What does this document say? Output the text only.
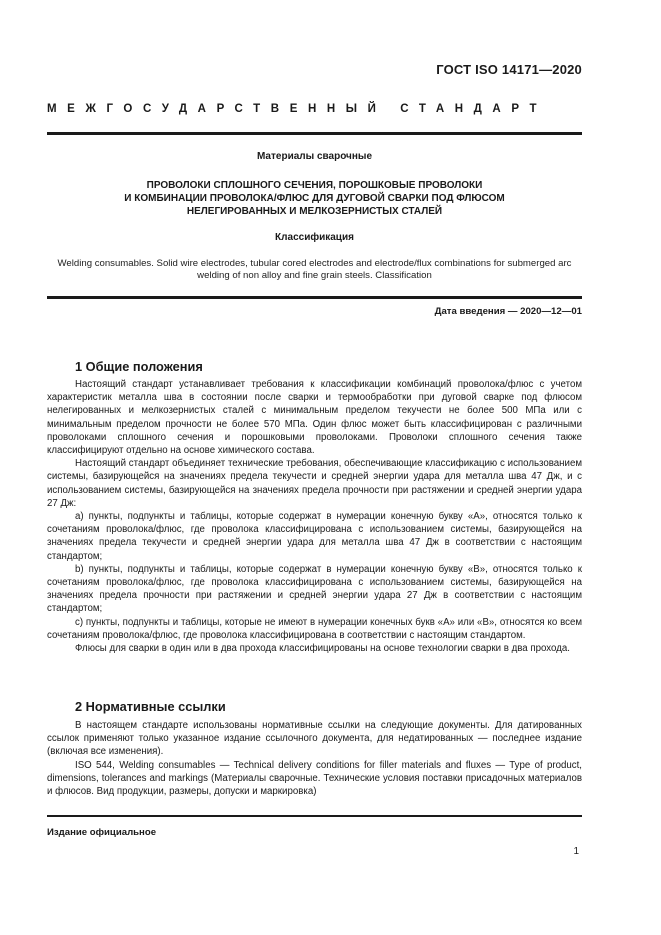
ГОСТ ISO 14171—2020
МЕЖГОСУДАРСТВЕННЫЙ СТАНДАРТ
Материалы сварочные
ПРОВОЛОКИ СПЛОШНОГО СЕЧЕНИЯ, ПОРОШКОВЫЕ ПРОВОЛОКИ
И КОМБИНАЦИИ ПРОВОЛОКА/ФЛЮС ДЛЯ ДУГОВОЙ СВАРКИ ПОД ФЛЮСОМ
НЕЛЕГИРОВАННЫХ И МЕЛКОЗЕРНИСТЫХ СТАЛЕЙ
Классификация
Welding consumables. Solid wire electrodes, tubular cored electrodes and electrode/flux combinations for submerged arc welding of non alloy and fine grain steels. Classification
Дата введения — 2020—12—01
1 Общие положения

Настоящий стандарт устанавливает требования к классификации комбинаций проволока/флюс с учетом характеристик металла шва в состоянии после сварки и термообработки при дуговой сварке под флюсом нелегированных и мелкозернистых сталей с минимальным пределом текучести не более 500 МПа или с минимальным пределом прочности не более 570 МПа. Один флюс может быть классифицирован с различными проволоками сплошного сечения и порошковыми проволоками. Проволоки сплошного сечения также классифицируют отдельно на основе химического состава.

Настоящий стандарт объединяет технические требования, обеспечивающие классификацию с использованием системы, базирующейся на значениях предела текучести и средней энергии удара для металла шва 47 Дж, и с использованием системы, базирующейся на значениях предела прочности при растяжении и средней энергии удара 27 Дж:

а) пункты, подпункты и таблицы, которые содержат в нумерации конечную букву «А», относятся только к сочетаниям проволока/флюс, где проволока классифицирована с использованием системы, базирующейся на значениях предела текучести и средней энергии удара для металла шва 47 Дж в соответствии с настоящим стандартом;

b) пункты, подпункты и таблицы, которые содержат в нумерации конечную букву «В», относятся только к сочетаниям проволока/флюс, где проволока классифицирована с использованием системы, базирующейся на значениях предела прочности при растяжении и средней энергии удара 27 Дж в соответствии с настоящим стандартом;

с) пункты, подпункты и таблицы, которые не имеют в нумерации конечных букв «А» или «В», относятся ко всем сочетаниям проволока/флюс, где проволока классифицирована в соответствии с настоящим стандартом.

Флюсы для сварки в один или в два прохода классифицированы на основе технологии сварки в два прохода.

2 Нормативные ссылки

В настоящем стандарте использованы нормативные ссылки на следующие документы. Для датированных ссылок применяют только указанное издание ссылочного документа, для недатированных — последнее издание (включая все изменения).

ISO 544, Welding consumables — Technical delivery conditions for filler materials and fluxes — Type of product, dimensions, tolerances and markings (Материалы сварочные. Технические условия поставки присадочных материалов и флюсов. Вид продукции, размеры, допуски и маркировка)

Издание официальное
1
